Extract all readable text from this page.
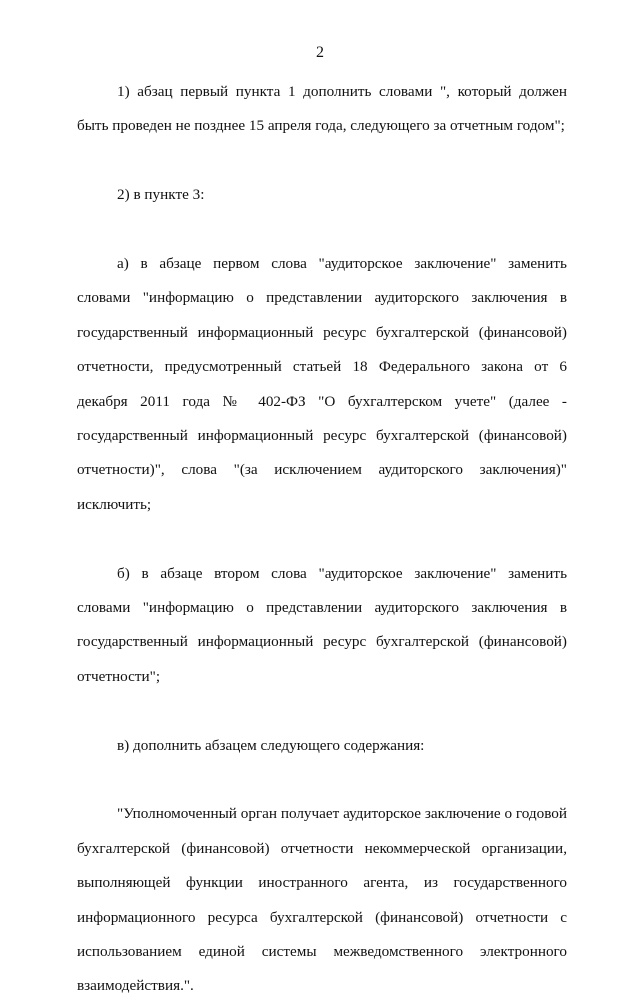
2

1) абзац первый пункта 1 дополнить словами ", который должен быть проведен не позднее 15 апреля года, следующего за отчетным годом";

2) в пункте 3:

а) в абзаце первом слова "аудиторское заключение" заменить словами "информацию о представлении аудиторского заключения в государственный информационный ресурс бухгалтерской (финансовой) отчетности, предусмотренный статьей 18 Федерального закона от 6 декабря 2011 года № 402-ФЗ "О бухгалтерском учете" (далее - государственный информационный ресурс бухгалтерской (финансовой) отчетности)", слова "(за исключением аудиторского заключения)" исключить;

б) в абзаце втором слова "аудиторское заключение" заменить словами "информацию о представлении аудиторского заключения в государственный информационный ресурс бухгалтерской (финансовой) отчетности";

в) дополнить абзацем следующего содержания:

"Уполномоченный орган получает аудиторское заключение о годовой бухгалтерской (финансовой) отчетности некоммерческой организации, выполняющей функции иностранного агента, из государственного информационного ресурса бухгалтерской (финансовой) отчетности с использованием единой системы межведомственного электронного взаимодействия.".
